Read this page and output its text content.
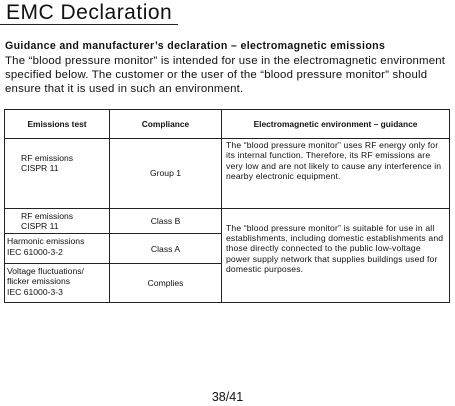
EMC Declaration
Guidance and manufacturer’s declaration – electromagnetic emissions
The “blood pressure monitor” is intended for use in the electromagnetic environment specified below. The customer or the user of the “blood pressure monitor” should ensure that it is used in such an environment.
Emissions test	Compliance	Electromagnetic environment – guidance
RF emissions
CISPR 11	Group 1	The “blood pressure monitor” uses RF energy only for its internal function. Therefore, its RF emissions are very low and are not likely to cause any interference in nearby electronic equipment.
RF emissions
CISPR 11	Class B	The “blood pressure monitor” is suitable for use in all establishments, including domestic establishments and those directly connected to the public low-voltage power supply network that supplies buildings used for domestic purposes.
Harmonic emissions
IEC 61000-3-2	Class A	
Voltage fluctuations/
flicker emissions
IEC 61000-3-3	Complies	
38/41
